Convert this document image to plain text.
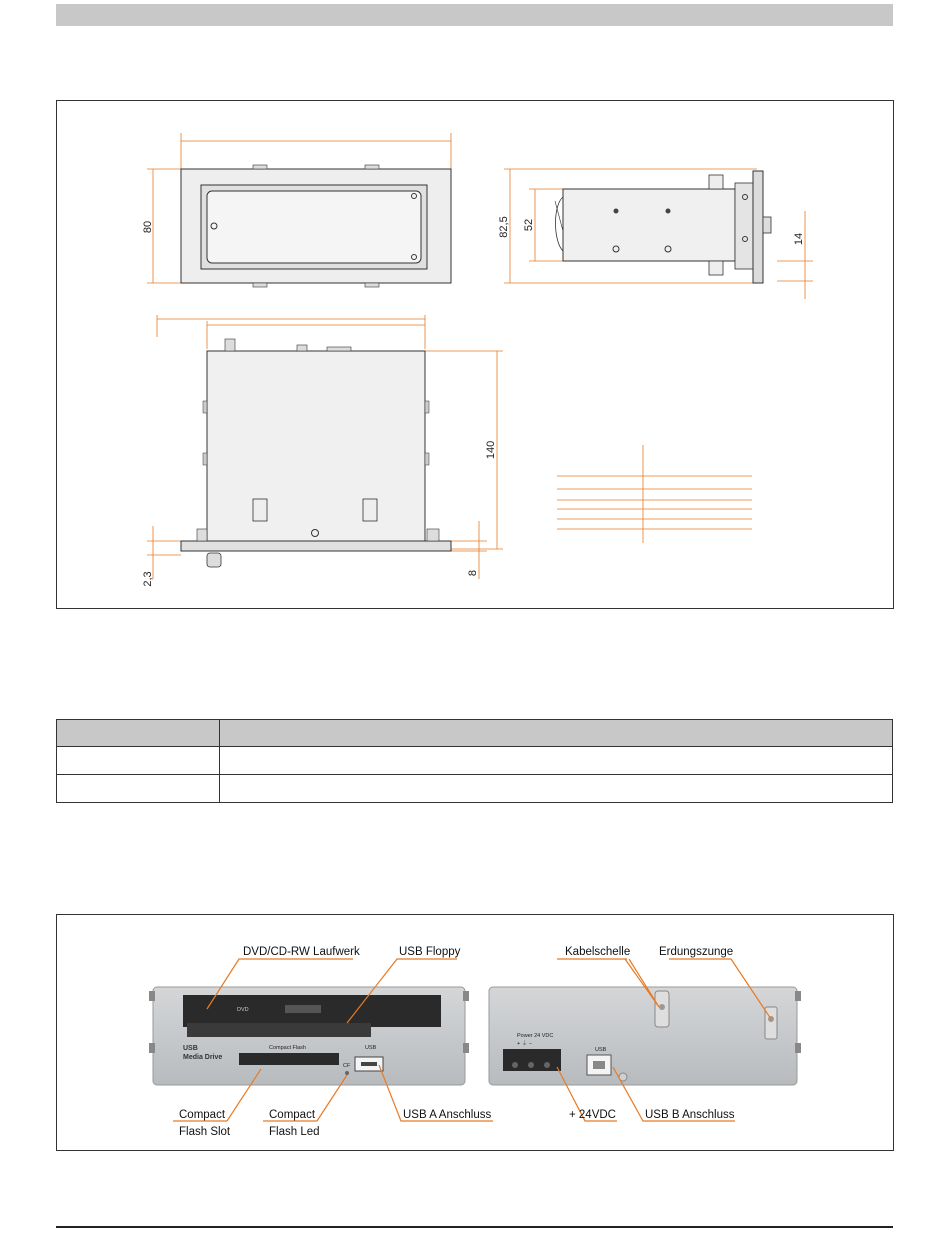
80	82,5 52
14
140
2,3	8

DVD
USB
Media Drive
Compact Flash
CF
USB
Power 24 VDC
+ ⏚ −
USB
DVD/CD-RW Laufwerk	USB Floppy	Kabelschelle	Erdungszunge
Compact
Flash Slot
Compact
Flash Led
USB A Anschluss	+ 24VDC	USB B Anschluss
